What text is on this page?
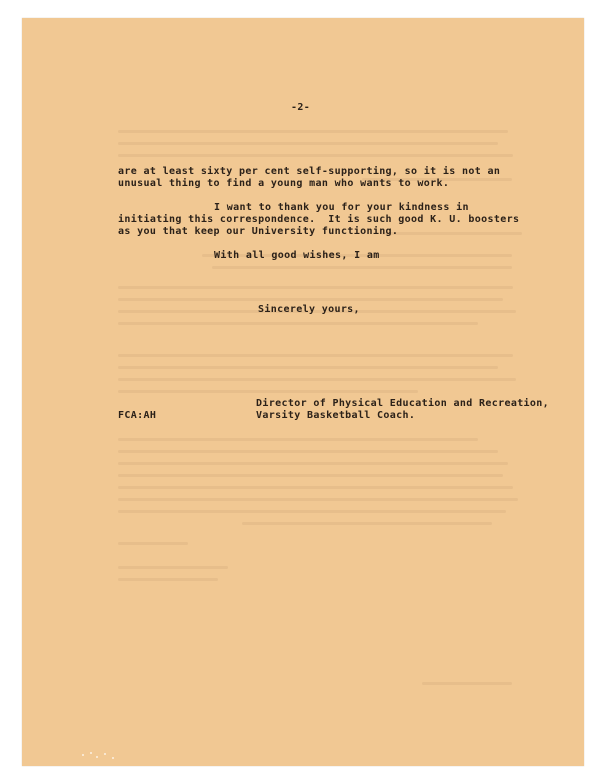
-2-

are at least sixty per cent self-supporting, so it is not an

unusual thing to find a young man who wants to work.

I want to thank you for your kindness in

initiating this correspondence.  It is such good K. U. boosters

as you that keep our University functioning.

With all good wishes, I am

Sincerely yours,

Director of Physical Education and Recreation,

Varsity Basketball Coach.

FCA:AH
